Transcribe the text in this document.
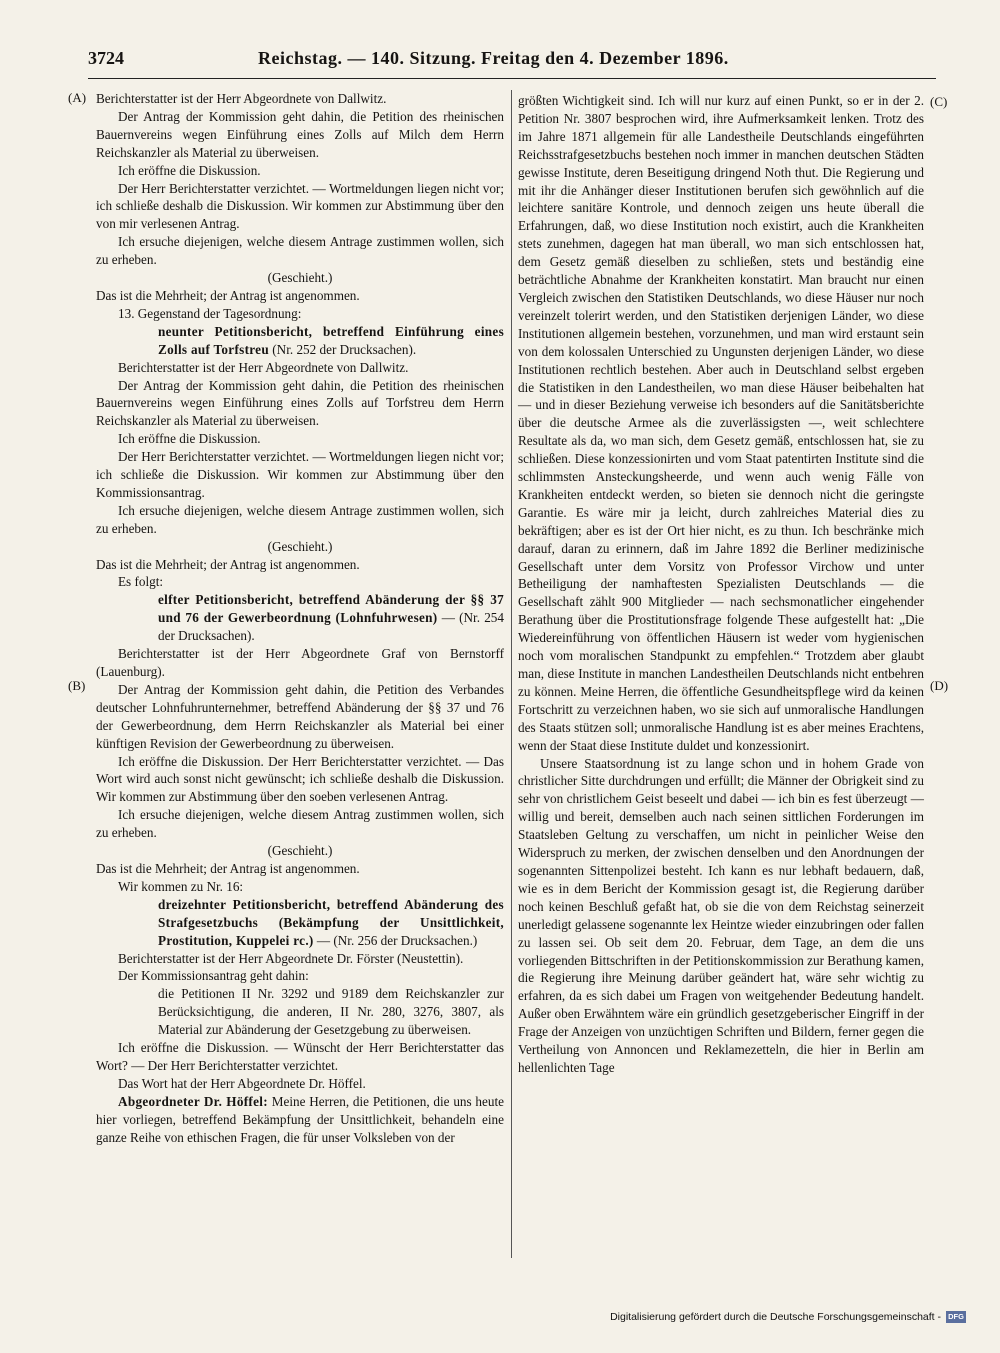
3724	Reichstag. — 140. Sitzung. Freitag den 4. Dezember 1896.
(A)
(B)
(C)
(D)

Berichterstatter ist der Herr Abgeordnete von Dallwitz.

Der Antrag der Kommission geht dahin, die Petition des rheinischen Bauernvereins wegen Einführung eines Zolls auf Milch dem Herrn Reichskanzler als Material zu überweisen.

Ich eröffne die Diskussion.

Der Herr Berichterstatter verzichtet. — Wortmeldungen liegen nicht vor; ich schließe deshalb die Diskussion. Wir kommen zur Abstimmung über den von mir verlesenen Antrag.

Ich ersuche diejenigen, welche diesem Antrage zustimmen wollen, sich zu erheben.

(Geschieht.)

Das ist die Mehrheit; der Antrag ist angenommen.

13. Gegenstand der Tagesordnung:

neunter Petitionsbericht, betreffend Einführung eines Zolls auf Torfstreu (Nr. 252 der Drucksachen).

Berichterstatter ist der Herr Abgeordnete von Dallwitz.

Der Antrag der Kommission geht dahin, die Petition des rheinischen Bauernvereins wegen Einführung eines Zolls auf Torfstreu dem Herrn Reichskanzler als Material zu überweisen.

Ich eröffne die Diskussion.

Der Herr Berichterstatter verzichtet. — Wortmeldungen liegen nicht vor; ich schließe die Diskussion. Wir kommen zur Abstimmung über den Kommissionsantrag.

Ich ersuche diejenigen, welche diesem Antrage zustimmen wollen, sich zu erheben.

(Geschieht.)

Das ist die Mehrheit; der Antrag ist angenommen.

Es folgt:

elfter Petitionsbericht, betreffend Abänderung der §§ 37 und 76 der Gewerbeordnung (Lohnfuhrwesen) — (Nr. 254 der Drucksachen).

Berichterstatter ist der Herr Abgeordnete Graf von Bernstorff (Lauenburg).

Der Antrag der Kommission geht dahin, die Petition des Verbandes deutscher Lohnfuhrunternehmer, betreffend Abänderung der §§ 37 und 76 der Gewerbeordnung, dem Herrn Reichskanzler als Material bei einer künftigen Revision der Gewerbeordnung zu überweisen.

Ich eröffne die Diskussion. Der Herr Berichterstatter verzichtet. — Das Wort wird auch sonst nicht gewünscht; ich schließe deshalb die Diskussion. Wir kommen zur Abstimmung über den soeben verlesenen Antrag.

Ich ersuche diejenigen, welche diesem Antrag zustimmen wollen, sich zu erheben.

(Geschieht.)

Das ist die Mehrheit; der Antrag ist angenommen.

Wir kommen zu Nr. 16:

dreizehnter Petitionsbericht, betreffend Abänderung des Strafgesetzbuchs (Bekämpfung der Unsittlichkeit, Prostitution, Kuppelei rc.) — (Nr. 256 der Drucksachen.)

Berichterstatter ist der Herr Abgeordnete Dr. Förster (Neustettin).

Der Kommissionsantrag geht dahin:

die Petitionen II Nr. 3292 und 9189 dem Reichskanzler zur Berücksichtigung, die anderen, II Nr. 280, 3276, 3807, als Material zur Abänderung der Gesetzgebung zu überweisen.

Ich eröffne die Diskussion. — Wünscht der Herr Berichterstatter das Wort? — Der Herr Berichterstatter verzichtet.

Das Wort hat der Herr Abgeordnete Dr. Höffel.

Abgeordneter Dr. Höffel: Meine Herren, die Petitionen, die uns heute hier vorliegen, betreffend Bekämpfung der Unsittlichkeit, behandeln eine ganze Reihe von ethischen Fragen, die für unser Volksleben von der

größten Wichtigkeit sind. Ich will nur kurz auf einen Punkt, so er in der 2. Petition Nr. 3807 besprochen wird, ihre Aufmerksamkeit lenken. Trotz des im Jahre 1871 allgemein für alle Landestheile Deutschlands eingeführten Reichsstrafgesetzbuchs bestehen noch immer in manchen deutschen Städten gewisse Institute, deren Beseitigung dringend Noth thut. Die Regierung und mit ihr die Anhänger dieser Institutionen berufen sich gewöhnlich auf die leichtere sanitäre Kontrole, und dennoch zeigen uns heute überall die Erfahrungen, daß, wo diese Institution noch existirt, auch die Krankheiten stets zunehmen, dagegen hat man überall, wo man sich entschlossen hat, dem Gesetz gemäß dieselben zu schließen, stets und beständig eine beträchtliche Abnahme der Krankheiten konstatirt. Man braucht nur einen Vergleich zwischen den Statistiken Deutschlands, wo diese Häuser nur noch vereinzelt tolerirt werden, und den Statistiken derjenigen Länder, wo diese Institutionen allgemein bestehen, vorzunehmen, und man wird erstaunt sein von dem kolossalen Unterschied zu Ungunsten derjenigen Länder, wo diese Institutionen rechtlich bestehen. Aber auch in Deutschland selbst ergeben die Statistiken in den Landestheilen, wo man diese Häuser beibehalten hat — und in dieser Beziehung verweise ich besonders auf die Sanitätsberichte über die deutsche Armee als die zuverlässigsten —, weit schlechtere Resultate als da, wo man sich, dem Gesetz gemäß, entschlossen hat, sie zu schließen. Diese konzessionirten und vom Staat patentirten Institute sind die schlimmsten Ansteckungsheerde, und wenn auch wenig Fälle von Krankheiten entdeckt werden, so bieten sie dennoch nicht die geringste Garantie. Es wäre mir ja leicht, durch zahlreiches Material dies zu bekräftigen; aber es ist der Ort hier nicht, es zu thun. Ich beschränke mich darauf, daran zu erinnern, daß im Jahre 1892 die Berliner medizinische Gesellschaft unter dem Vorsitz von Professor Virchow und unter Betheiligung der namhaftesten Spezialisten Deutschlands — die Gesellschaft zählt 900 Mitglieder — nach sechsmonatlicher eingehender Berathung über die Prostitutionsfrage folgende These aufgestellt hat: „Die Wiedereinführung von öffentlichen Häusern ist weder vom hygienischen noch vom moralischen Standpunkt zu empfehlen.“ Trotzdem aber glaubt man, diese Institute in manchen Landestheilen Deutschlands nicht entbehren zu können. Meine Herren, die öffentliche Gesundheitspflege wird da keinen Fortschritt zu verzeichnen haben, wo sie sich auf unmoralische Handlungen des Staats stützen soll; unmoralische Handlung ist es aber meines Erachtens, wenn der Staat diese Institute duldet und konzessionirt.

Unsere Staatsordnung ist zu lange schon und in hohem Grade von christlicher Sitte durchdrungen und erfüllt; die Männer der Obrigkeit sind zu sehr von christlichem Geist beseelt und dabei — ich bin es fest überzeugt — willig und bereit, demselben auch nach seinen sittlichen Forderungen im Staatsleben Geltung zu verschaffen, um nicht in peinlicher Weise den Widerspruch zu merken, der zwischen denselben und den Anordnungen der sogenannten Sittenpolizei besteht. Ich kann es nur lebhaft bedauern, daß, wie es in dem Bericht der Kommission gesagt ist, die Regierung darüber noch keinen Beschluß gefaßt hat, ob sie die von dem Reichstag seinerzeit unerledigt gelassene sogenannte lex Heintze wieder einzubringen oder fallen zu lassen sei. Ob seit dem 20. Februar, dem Tage, an dem die uns vorliegenden Bittschriften in der Petitionskommission zur Berathung kamen, die Regierung ihre Meinung darüber geändert hat, wäre sehr wichtig zu erfahren, da es sich dabei um Fragen von weitgehender Bedeutung handelt. Außer oben Erwähntem wäre ein gründlich gesetzgeberischer Eingriff in der Frage der Anzeigen von unzüchtigen Schriften und Bildern, ferner gegen die Vertheilung von Annoncen und Reklamezetteln, die hier in Berlin am hellenlichten Tage

Digitalisierung gefördert durch die Deutsche Forschungsgemeinschaft - DFG
